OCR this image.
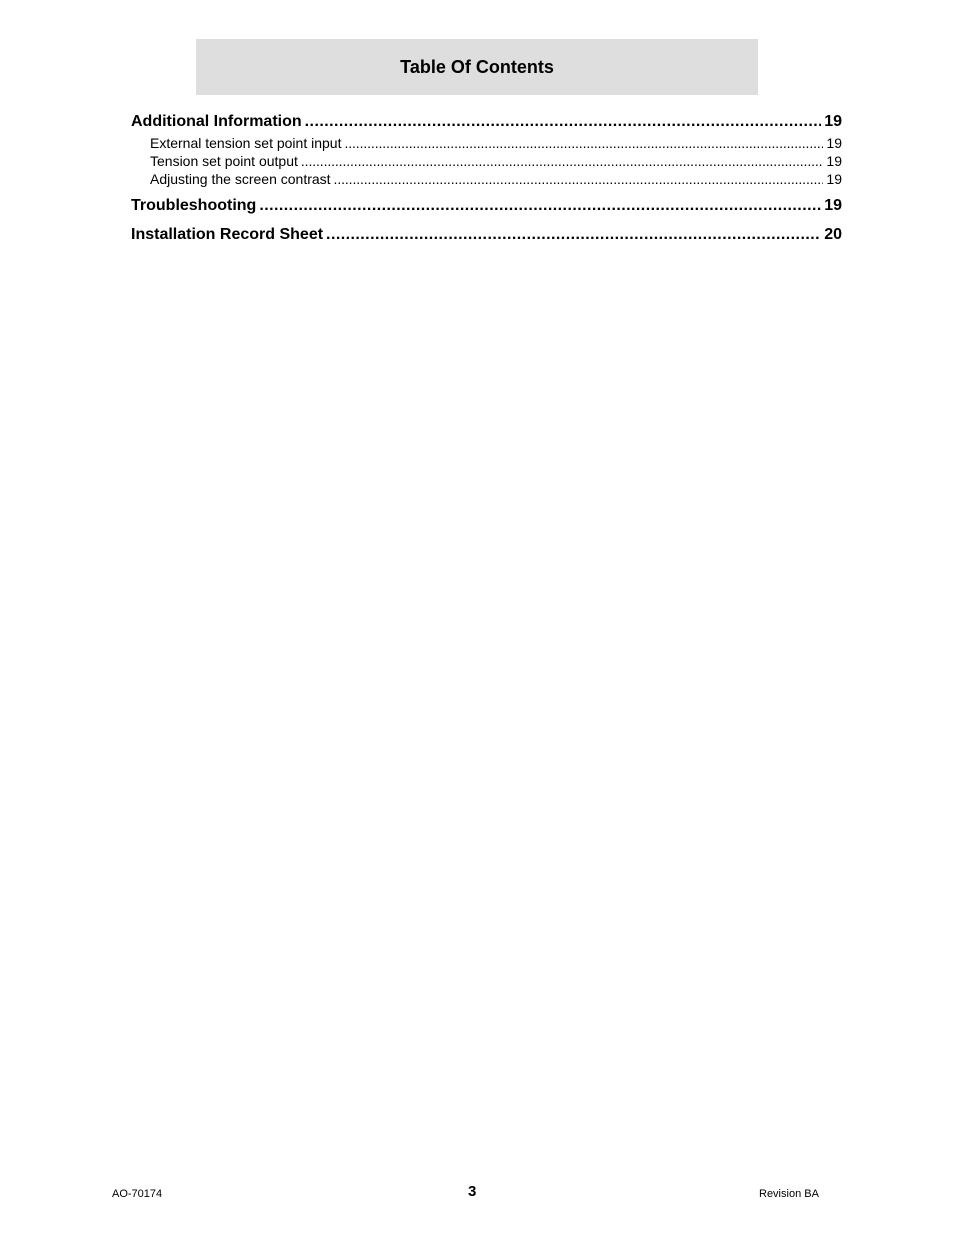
Table Of Contents
Additional Information . . .	19
External tension set point input . . .	19
Tension set point output . . .	19
Adjusting the screen contrast . . .	19
Troubleshooting . . .	19
Installation Record Sheet . . .	20
AO-70174	3	Revision BA
